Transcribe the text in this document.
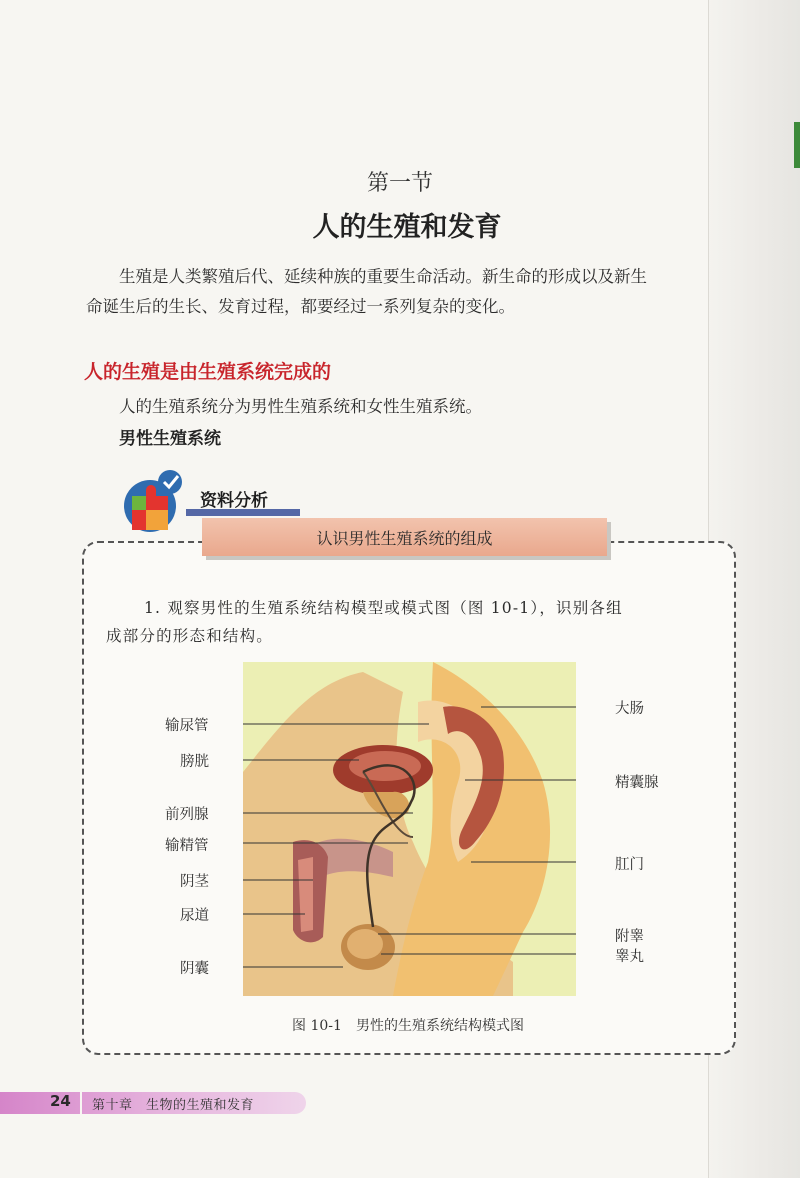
第一节
人的生殖和发育
生殖是人类繁殖后代、延续种族的重要生命活动。新生命的形成以及新生
命诞生后的生长、发育过程，都要经过一系列复杂的变化。
人的生殖是由生殖系统完成的
人的生殖系统分为男性生殖系统和女性生殖系统。
男性生殖系统
资料分析
认识男性生殖系统的组成
1. 观察男性的生殖系统结构模型或模式图（图 10-1），识别各组
成部分的形态和结构。
输尿管
膀胱
前列腺
输精管
阴茎
尿道
阴囊
大肠
精囊腺
肛门
附睾
睾丸
图 10-1　男性的生殖系统结构模式图
24 第十章　生物的生殖和发育
